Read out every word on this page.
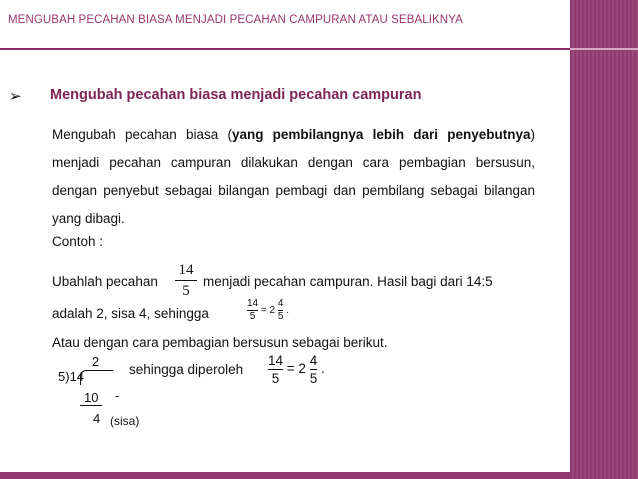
MENGUBAH PECAHAN BIASA MENJADI PECAHAN CAMPURAN ATAU SEBALIKNYA
➢ Mengubah pecahan biasa menjadi pecahan campuran
Mengubah pecahan biasa (yang pembilangnya lebih dari penyebutnya) menjadi pecahan campuran dilakukan dengan cara pembagian bersusun, dengan penyebut sebagai bilangan pembagi dan pembilang sebagai bilangan yang dibagi.
Contoh :
Ubahlah pecahan
14
5
menjadi pecahan campuran. Hasil bagi dari 14:5
adalah 2, sisa 4, sehingga	$\frac{14}{5} = 2 \frac{4}{5}$ .
Atau dengan cara pembagian bersusun sebagai berikut.
2
5)14
10	-
4 (sisa)
sehingga diperoleh $\frac{14}{5} = 2 \frac{4}{5}$ .
